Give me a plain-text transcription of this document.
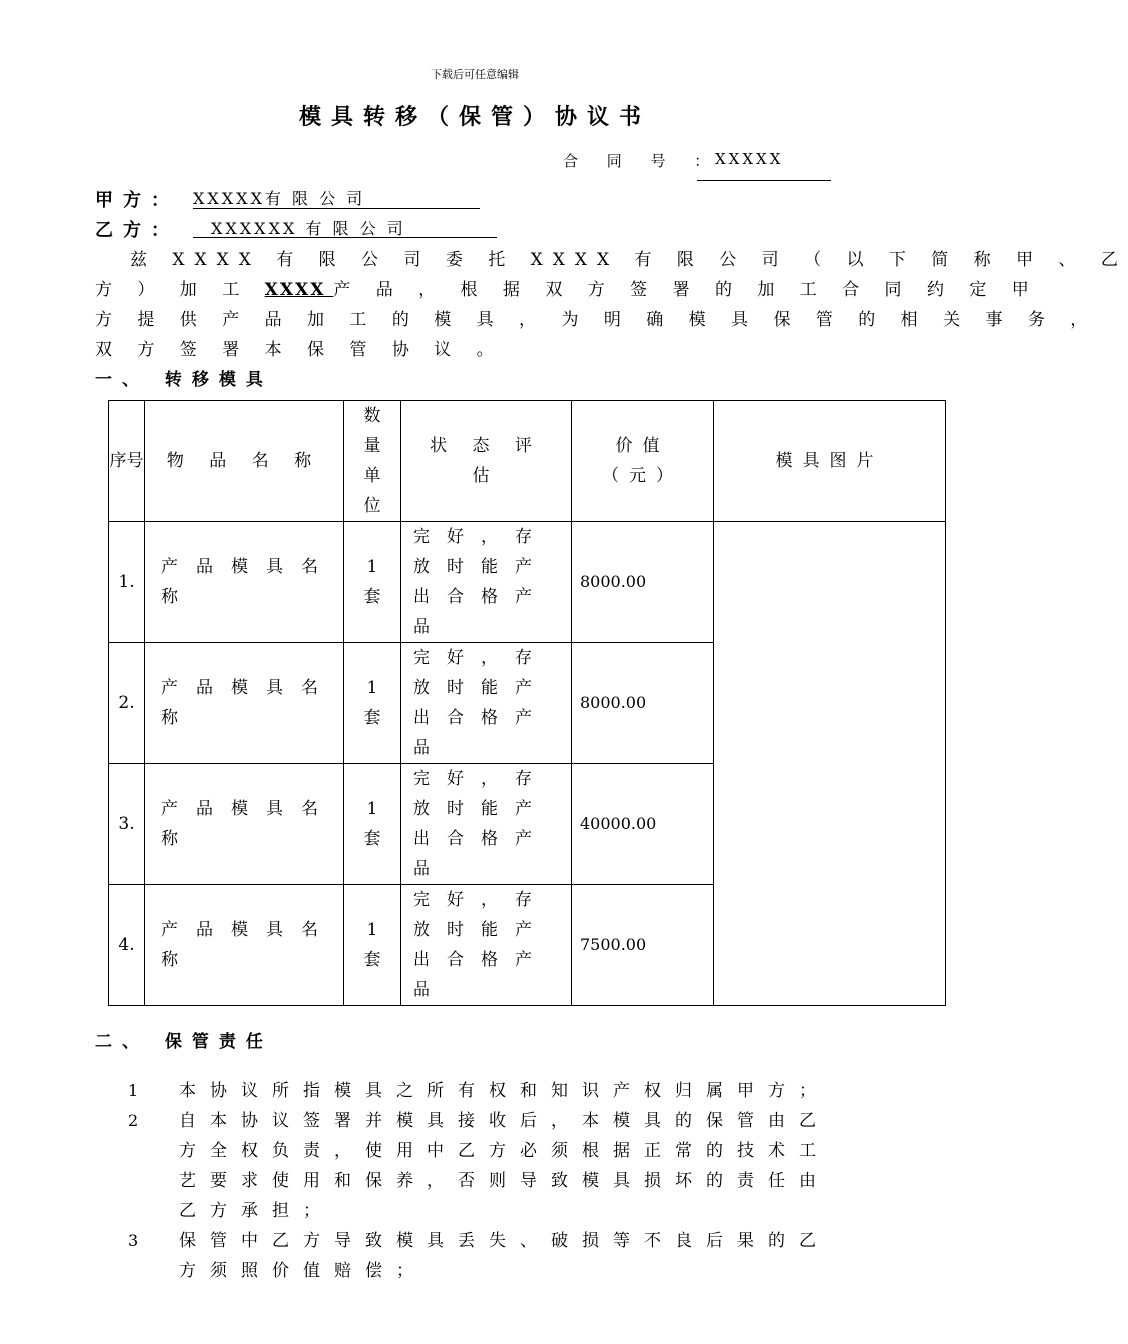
下载后可任意编辑
模具转移（保管）协议书
合 同 号 ：
XXXXX
甲方： XXXXX有 限 公 司
乙方：	XXXXXX 有 限 公 司
兹 XXXX 有 限 公 司 委 托 XXXX 有 限 公 司 （ 以 下 简 称 甲 、 乙
方 ） 加 工 XXXX 产 品 ， 根 据 双 方 签 署 的 加 工 合 同 约 定 甲
方 提 供 产 品 加 工 的 模 具 ， 为 明 确 模 具 保 管 的 相 关 事 务 ，
双 方 签 署 本 保 管 协 议 。
一、 转移模具
序号	物 品 名 称	数量单位	状 态 评 估	价值（元）	模具图片
1.	产品模具名称	1套	完好，存放时能产出合格产品	8000.00	
2.	产品模具名称	1套	完好，存放时能产出合格产品	8000.00	
3.	产品模具名称	1套	完好，存放时能产出合格产品	40000.00	
4.	产品模具名称	1套	完好，存放时能产出合格产品	7500.00	
二、 保管责任
1 本协议所指模具之所有权和知识产权归属甲方；
2 自本协议签署并模具接收后，本模具的保管由乙方全权负责，使用中乙方必须根据正常的技术工艺要求使用和保养，否则导致模具损坏的责任由乙方承担；
3 保管中乙方导致模具丢失、破损等不良后果的乙方须照价值赔偿；
